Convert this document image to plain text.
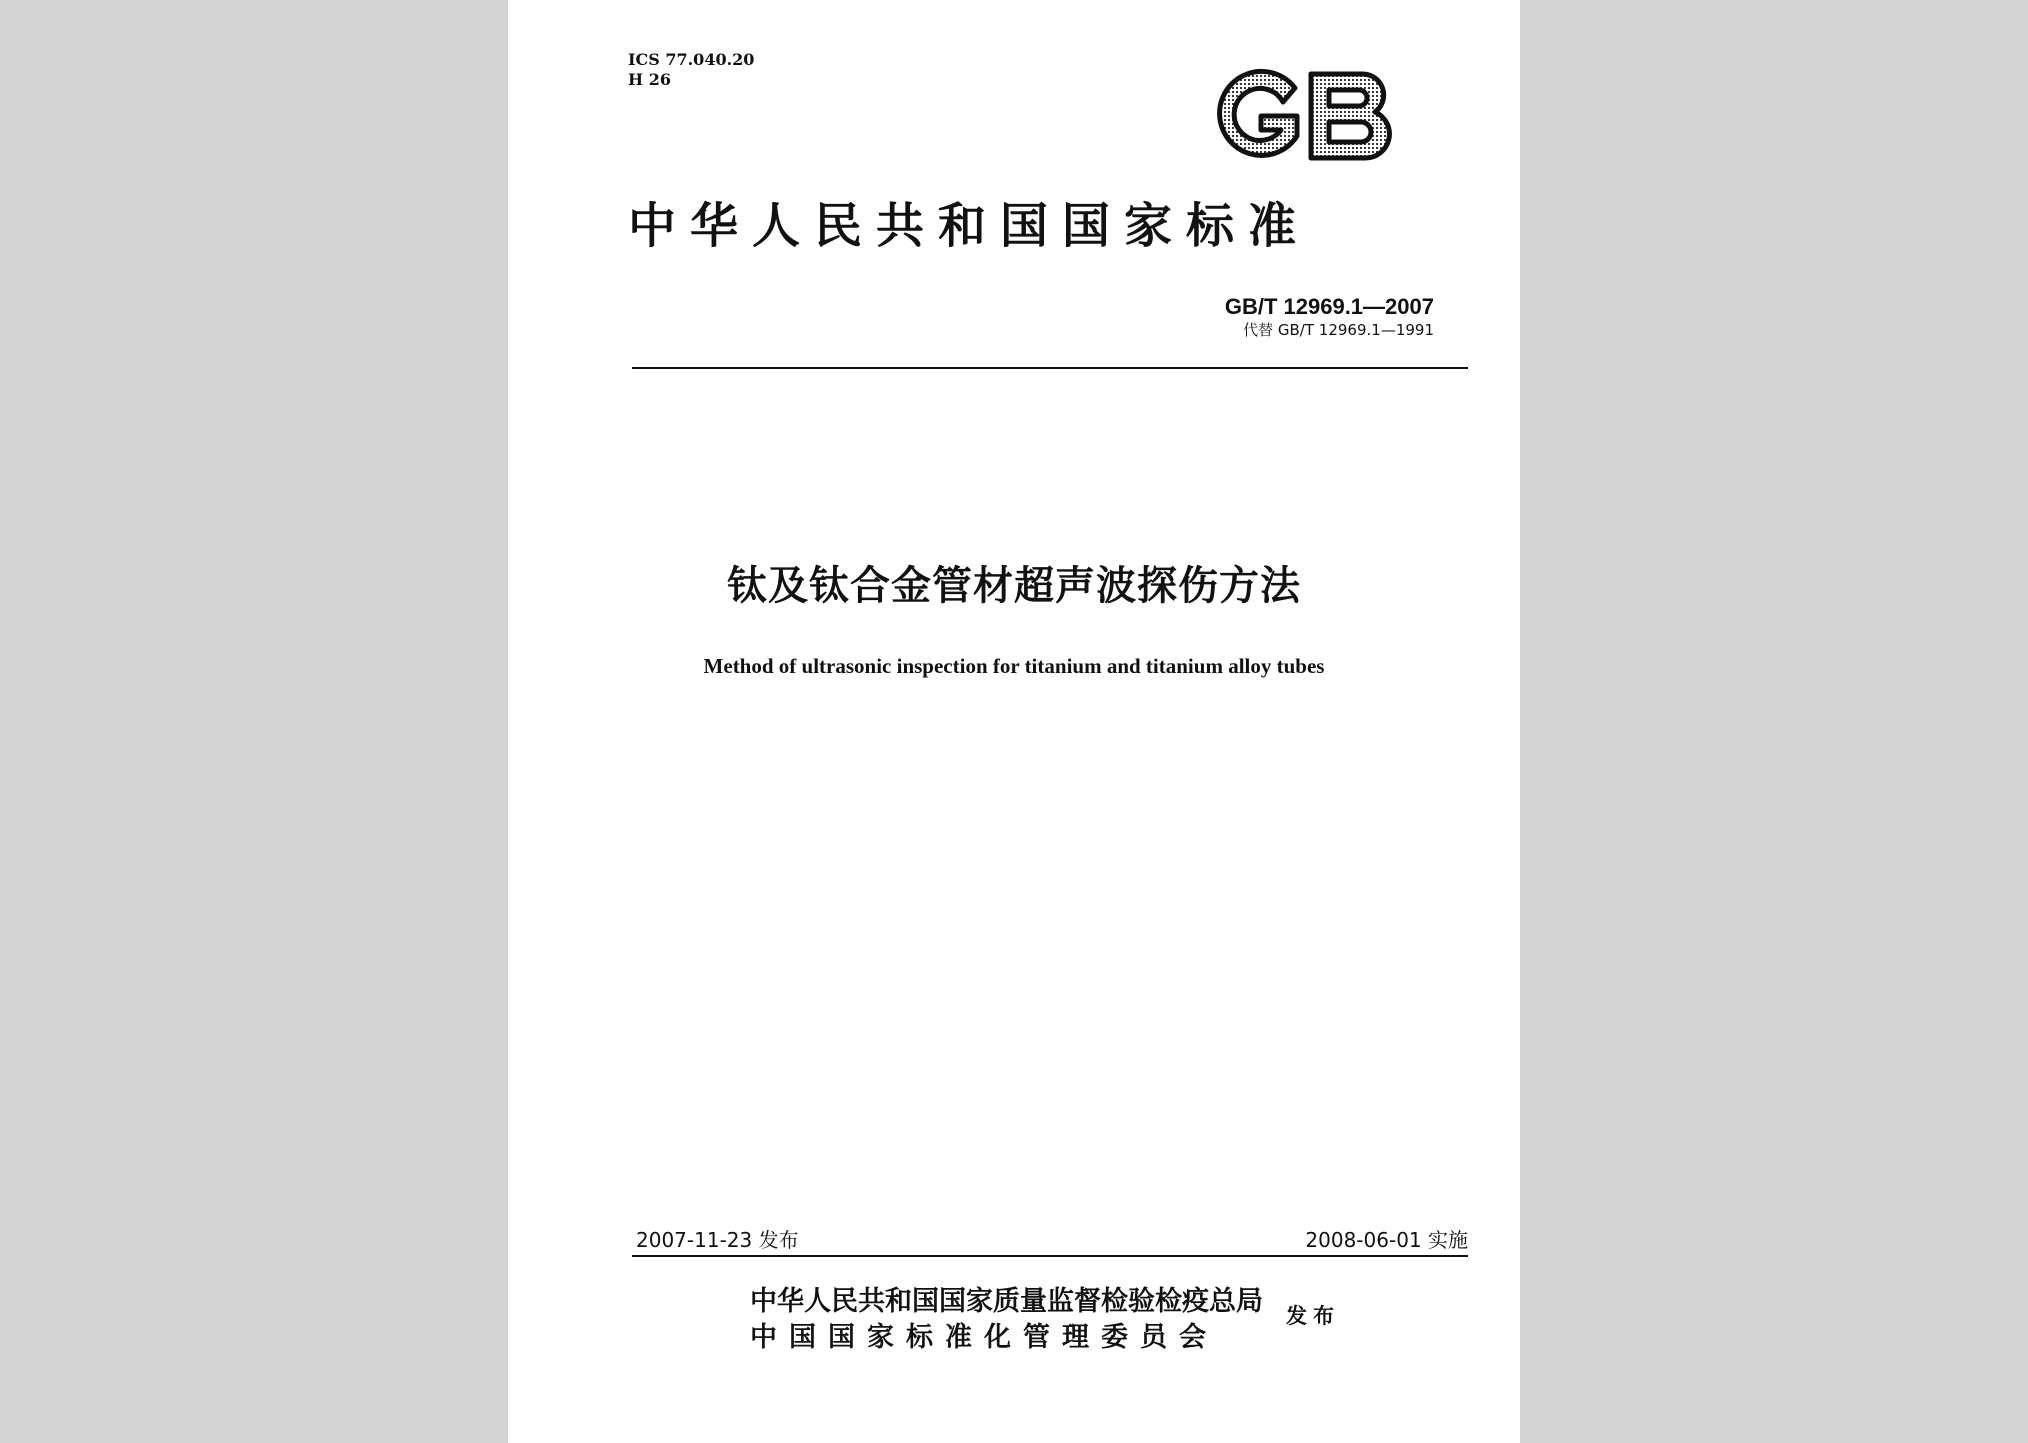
ICS 77.040.20
H 26
中华人民共和国国家标准
GB/T 12969.1—2007
代替 GB/T 12969.1—1991
钛及钛合金管材超声波探伤方法
Method of ultrasonic inspection for titanium and titanium alloy tubes
2007-11-23 发布	2008-06-01 实施
中华人民共和国国家质量监督检验检疫总局
中国国家标准化管理委员会
发布
